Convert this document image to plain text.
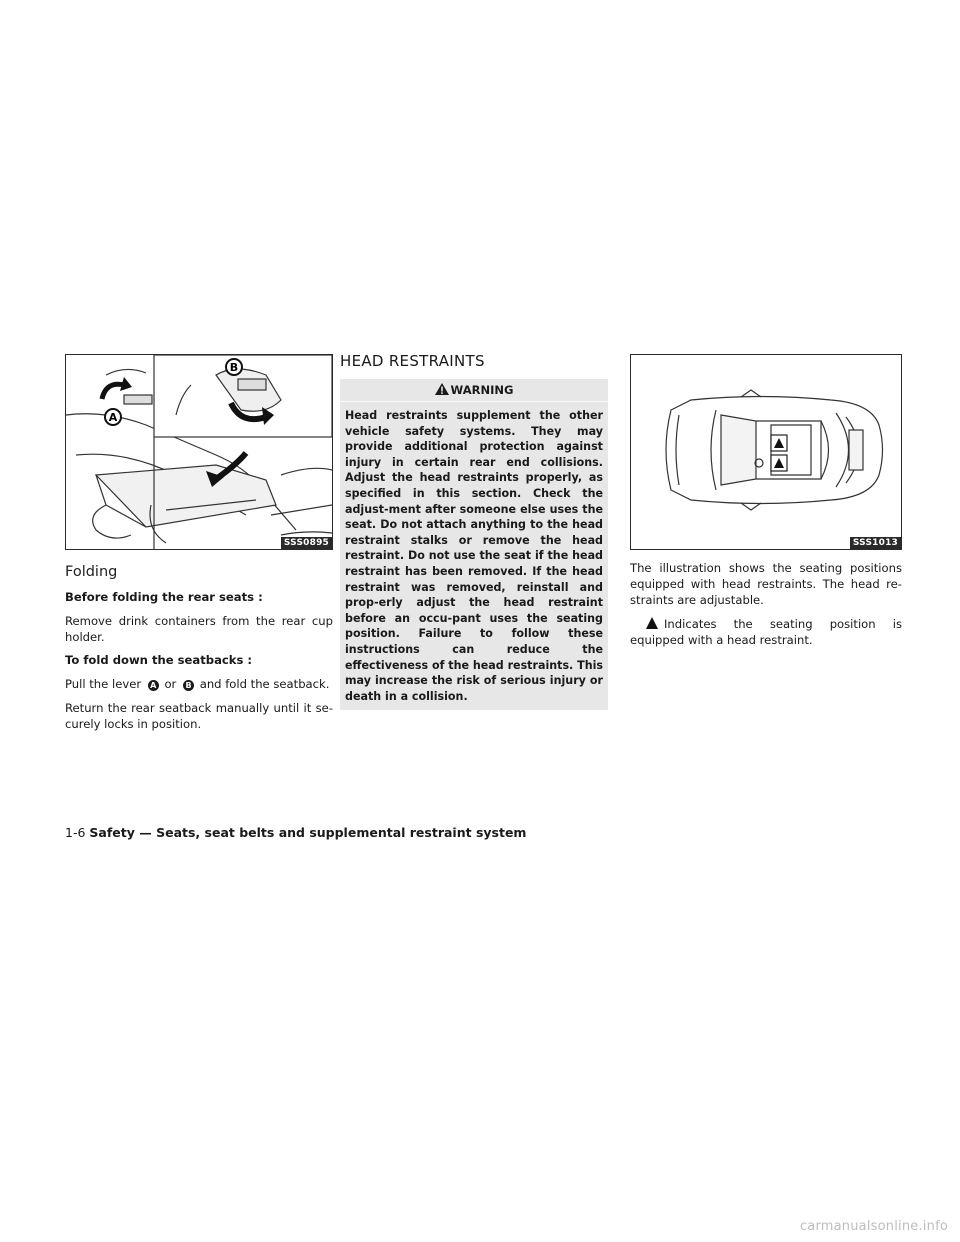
A
B
SSS0895
Folding

Before folding the rear seats :

Remove drink containers from the rear cup holder.

To fold down the seatbacks :

Pull the lever A or B and fold the seatback.

Return the rear seatback manually until it se-curely locks in position.

HEAD RESTRAINTS
WARNING

Head restraints supplement the other vehicle safety systems. They may provide additional protection against injury in certain rear end collisions. Adjust the head restraints properly, as specified in this section. Check the adjust-ment after someone else uses the seat. Do not attach anything to the head restraint stalks or remove the head restraint. Do not use the seat if the head restraint has been removed. If the head restraint was removed, reinstall and prop-erly adjust the head restraint before an occu-pant uses the seating position. Failure to follow these instructions can reduce the effectiveness of the head restraints. This may increase the risk of serious injury or death in a collision.

SSS1013

The illustration shows the seating positions equipped with head restraints. The head re-straints are adjustable.

Indicates the seating position is equipped with a head restraint.

1-6 Safety — Seats, seat belts and supplemental restraint system
carmanualsonline.info
